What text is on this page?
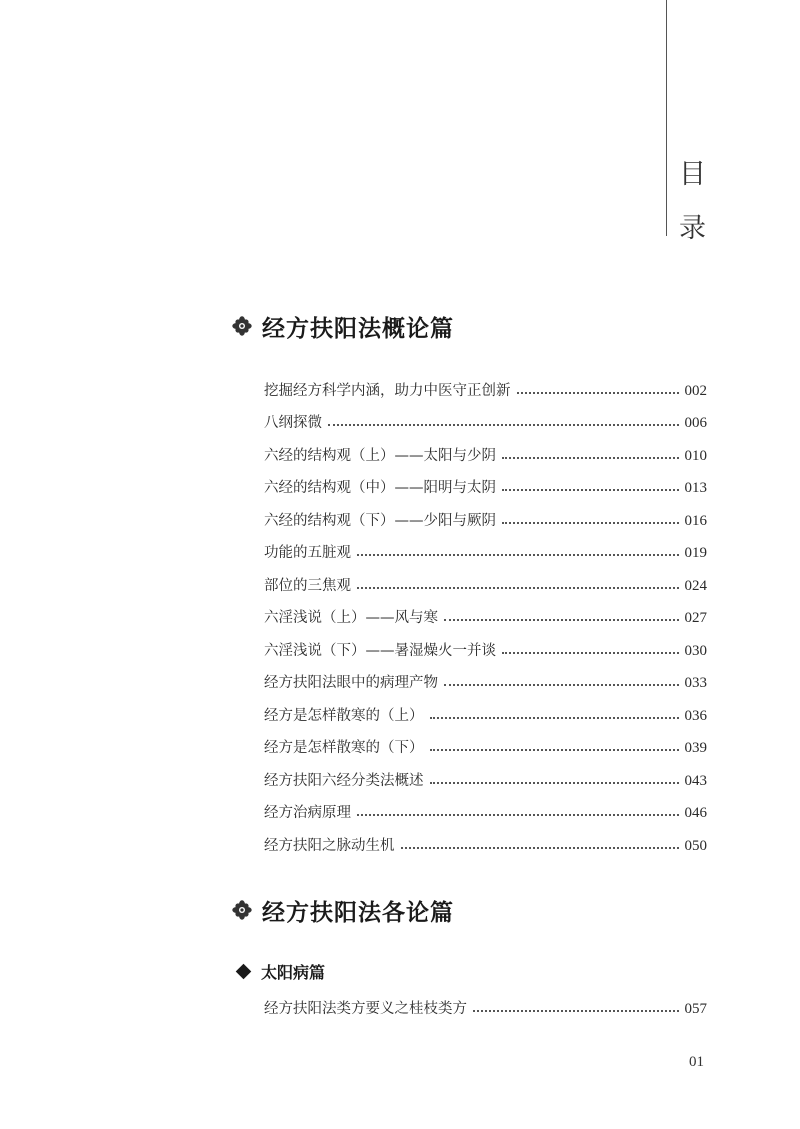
目
录
经方扶阳法概论篇
挖掘经方科学内涵，助力中医守正创新	002
八纲探微	006
六经的结构观（上）——太阳与少阴	010
六经的结构观（中）——阳明与太阴	013
六经的结构观（下）——少阳与厥阴	016
功能的五脏观	019
部位的三焦观	024
六淫浅说（上）——风与寒	027
六淫浅说（下）——暑湿燥火一并谈	030
经方扶阳法眼中的病理产物	033
经方是怎样散寒的（上）	036
经方是怎样散寒的（下）	039
经方扶阳六经分类法概述	043
经方治病原理	046
经方扶阳之脉动生机	050
经方扶阳法各论篇
太阳病篇
经方扶阳法类方要义之桂枝类方	057
01
